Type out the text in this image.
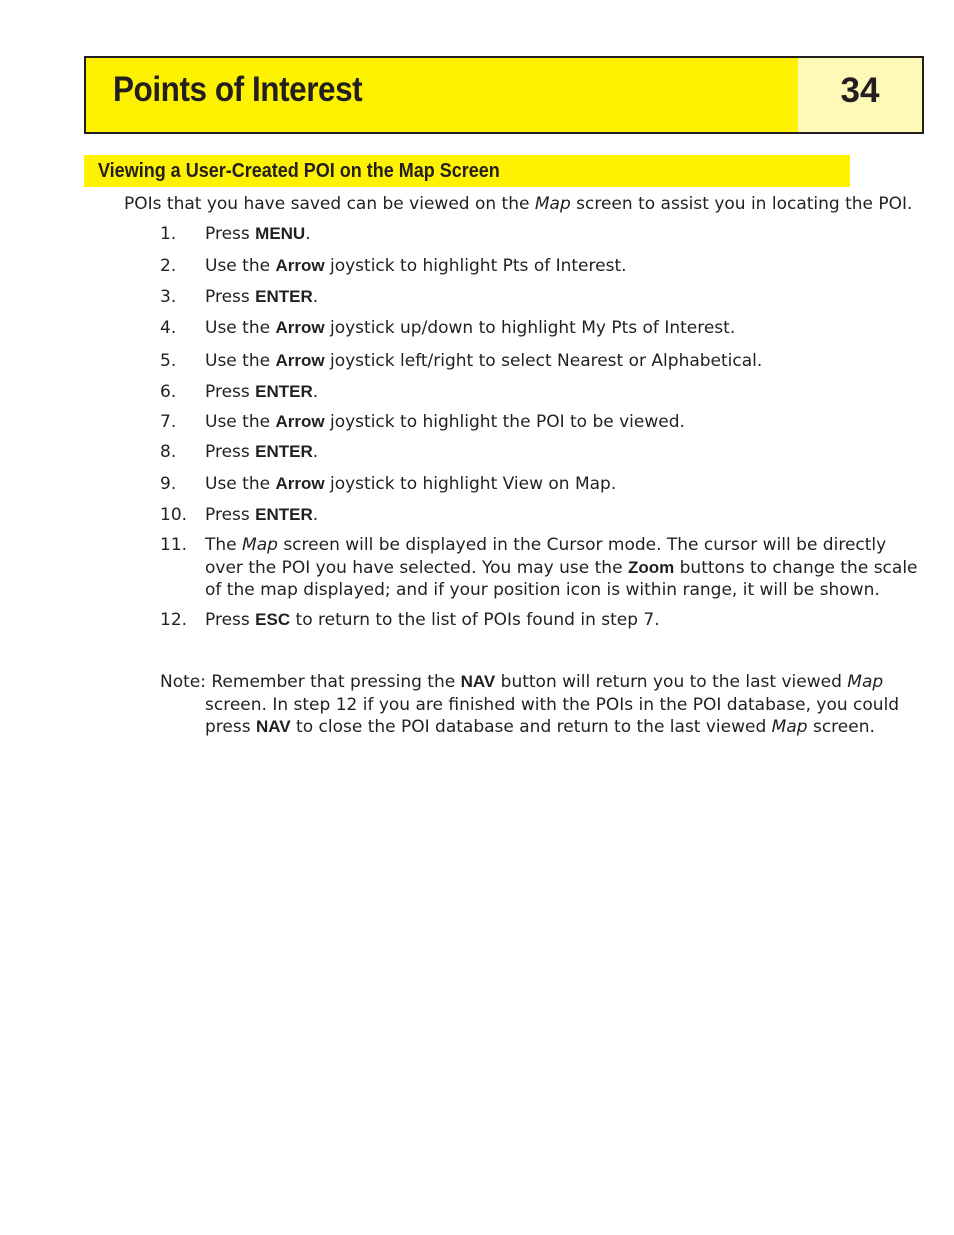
Points of Interest	34
Viewing a User-Created POI on the Map Screen
POIs that you have saved can be viewed on the Map screen to assist you in locating the POI.
1. Press MENU.
2. Use the Arrow joystick to highlight Pts of Interest.
3. Press ENTER.
4. Use the Arrow joystick up/down to highlight My Pts of Interest.
5. Use the Arrow joystick left/right to select Nearest or Alphabetical.
6. Press ENTER.
7. Use the Arrow joystick to highlight the POI to be viewed.
8. Press ENTER.
9. Use the Arrow joystick to highlight View on Map.
10. Press ENTER.
11. The Map screen will be displayed in the Cursor mode. The cursor will be directly
over the POI you have selected. You may use the Zoom buttons to change the scale
of the map displayed; and if your position icon is within range, it will be shown.
12. Press ESC to return to the list of POIs found in step 7.
Note: Remember that pressing the NAV button will return you to the last viewed Map
screen. In step 12 if you are finished with the POIs in the POI database, you could
press NAV to close the POI database and return to the last viewed Map screen.
